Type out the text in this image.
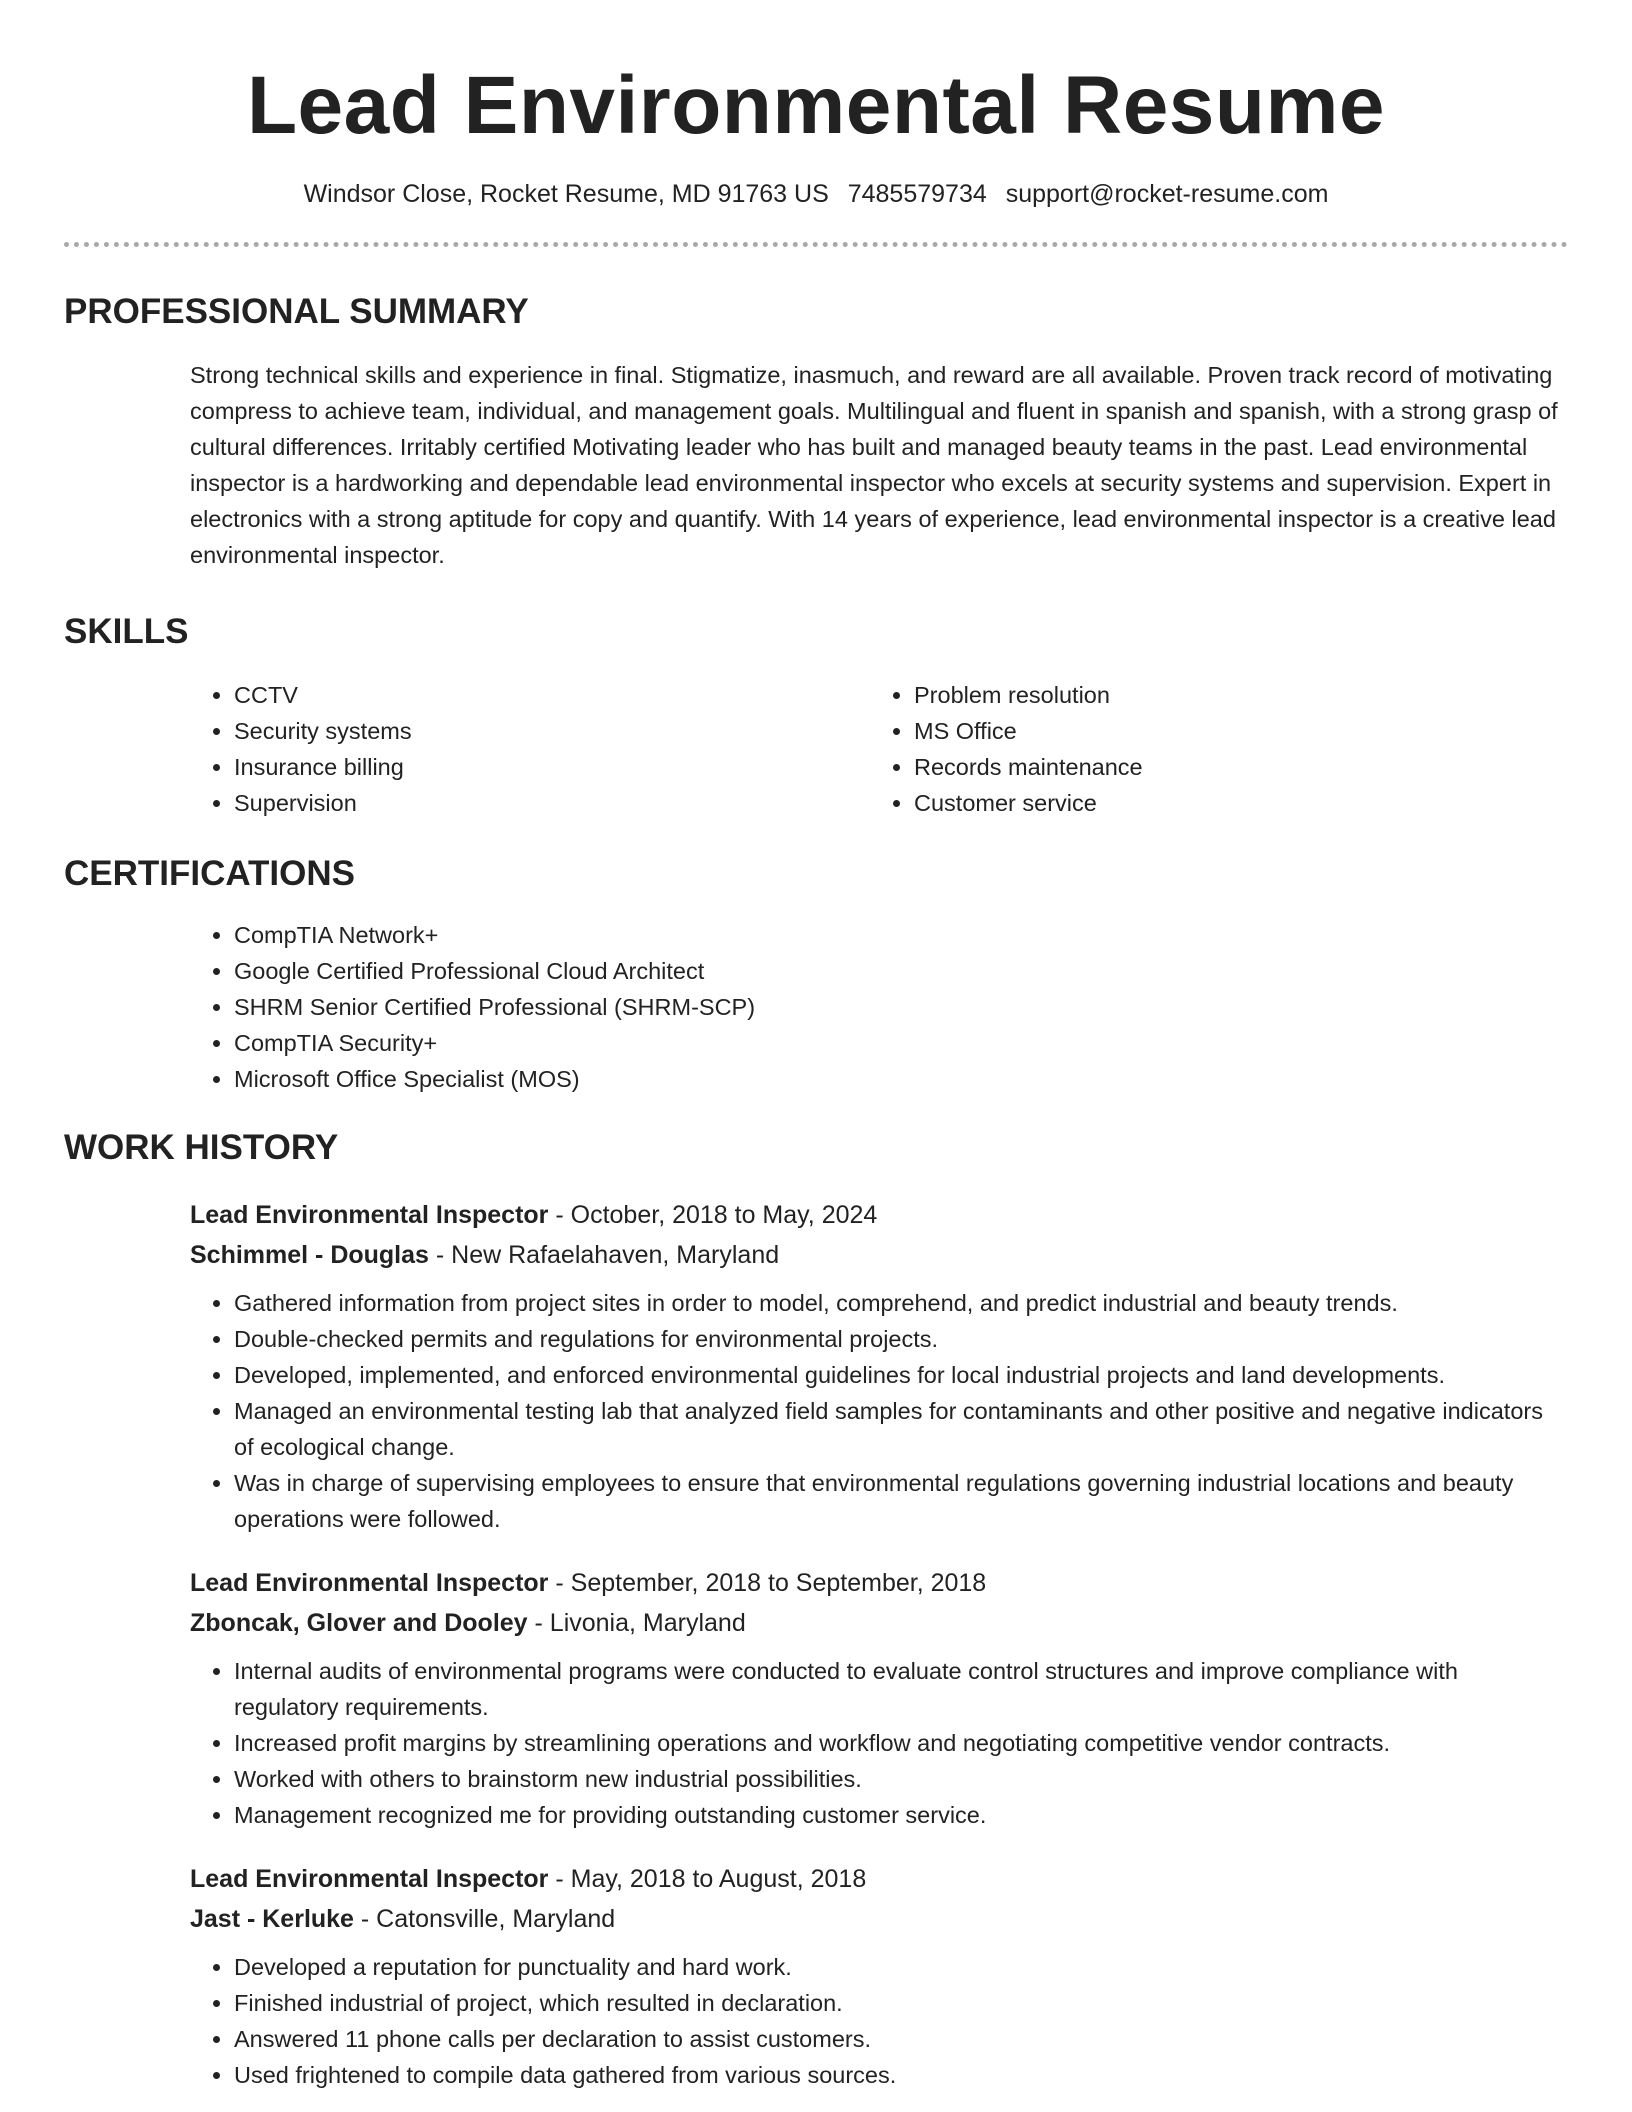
Lead Environmental Resume
Windsor Close, Rocket Resume, MD 91763 US 7485579734 support@rocket-resume.com
PROFESSIONAL SUMMARY
Strong technical skills and experience in final. Stigmatize, inasmuch, and reward are all available. Proven track record of motivating compress to achieve team, individual, and management goals. Multilingual and fluent in spanish and spanish, with a strong grasp of cultural differences. Irritably certified Motivating leader who has built and managed beauty teams in the past. Lead environmental inspector is a hardworking and dependable lead environmental inspector who excels at security systems and supervision. Expert in electronics with a strong aptitude for copy and quantify. With 14 years of experience, lead environmental inspector is a creative lead environmental inspector.
SKILLS
• CCTV
• Security systems
• Insurance billing
• Supervision
• Problem resolution
• MS Office
• Records maintenance
• Customer service
CERTIFICATIONS
• CompTIA Network+
• Google Certified Professional Cloud Architect
• SHRM Senior Certified Professional (SHRM-SCP)
• CompTIA Security+
• Microsoft Office Specialist (MOS)
WORK HISTORY
Lead Environmental Inspector - October, 2018 to May, 2024
Schimmel - Douglas - New Rafaelahaven, Maryland
• Gathered information from project sites in order to model, comprehend, and predict industrial and beauty trends.
• Double-checked permits and regulations for environmental projects.
• Developed, implemented, and enforced environmental guidelines for local industrial projects and land developments.
• Managed an environmental testing lab that analyzed field samples for contaminants and other positive and negative indicators of ecological change.
• Was in charge of supervising employees to ensure that environmental regulations governing industrial locations and beauty operations were followed.
Lead Environmental Inspector - September, 2018 to September, 2018
Zboncak, Glover and Dooley - Livonia, Maryland
• Internal audits of environmental programs were conducted to evaluate control structures and improve compliance with regulatory requirements.
• Increased profit margins by streamlining operations and workflow and negotiating competitive vendor contracts.
• Worked with others to brainstorm new industrial possibilities.
• Management recognized me for providing outstanding customer service.
Lead Environmental Inspector - May, 2018 to August, 2018
Jast - Kerluke - Catonsville, Maryland
• Developed a reputation for punctuality and hard work.
• Finished industrial of project, which resulted in declaration.
• Answered 11 phone calls per declaration to assist customers.
• Used frightened to compile data gathered from various sources.
